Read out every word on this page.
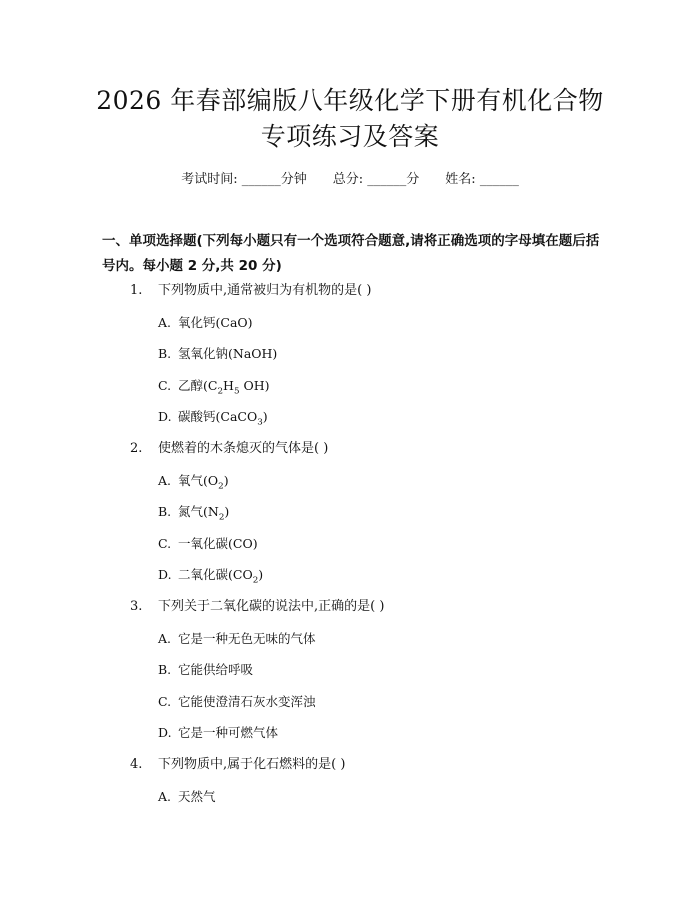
2026 年春部编版八年级化学下册有机化合物
专项练习及答案
考试时间: ______分钟 总分: ______分 姓名: ______
一、单项选择题(下列每小题只有一个选项符合题意,请将正确选项的字母填在题后括号内。每小题 2 分,共 20 分)
1. 下列物质中,通常被归为有机物的是( )
A. 氧化钙(CaO)
B. 氢氧化钠(NaOH)
C. 乙醇($C_2H_5$ OH)
D. 碳酸钙(CaCO$_3$)
2. 使燃着的木条熄灭的气体是( )
A. 氧气$(O_2)$
B. 氮气$(N_2)$
C. 一氧化碳(CO)
D. 二氧化碳$(CO_2)$
3. 下列关于二氧化碳的说法中,正确的是( )
A. 它是一种无色无味的气体
B. 它能供给呼吸
C. 它能使澄清石灰水变浑浊
D. 它是一种可燃气体
4. 下列物质中,属于化石燃料的是( )
A. 天然气
